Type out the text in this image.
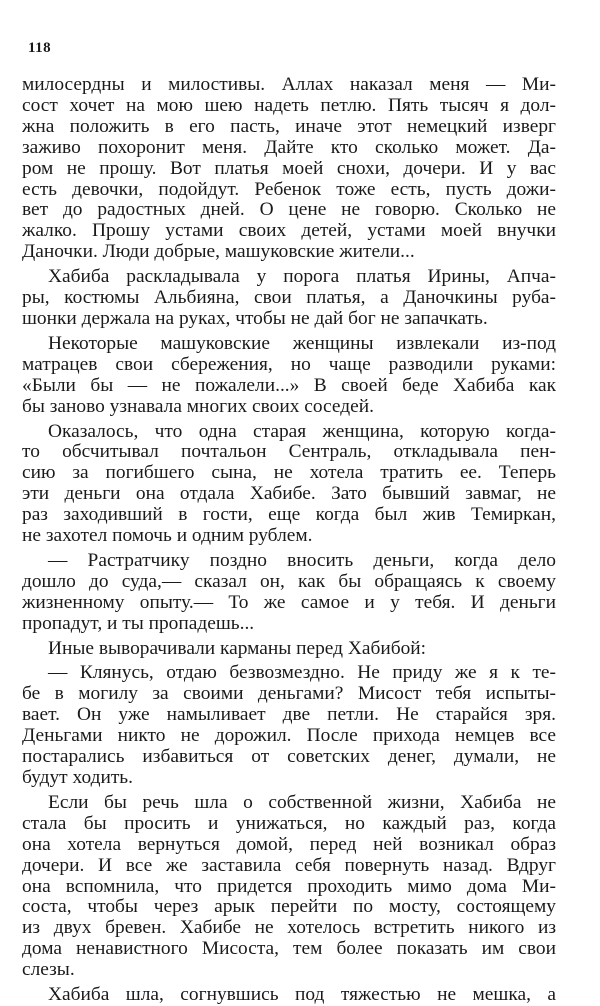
118
милосердны и милостивы. Аллах наказал меня — Ми-
сост хочет на мою шею надеть петлю. Пять тысяч я дол-
жна положить в его пасть, иначе этот немецкий изверг
заживо похоронит меня. Дайте кто сколько может. Да-
ром не прошу. Вот платья моей снохи, дочери. И у вас
есть девочки, подойдут. Ребенок тоже есть, пусть дожи-
вет до радостных дней. О цене не говорю. Сколько не
жалко. Прошу устами своих детей, устами моей внучки
Даночки. Люди добрые, машуковские жители...
Хабиба раскладывала у порога платья Ирины, Апча-
ры, костюмы Альбияна, свои платья, а Даночкины руба-
шонки держала на руках, чтобы не дай бог не запачкать.
Некоторые машуковские женщины извлекали из-под
матрацев свои сбережения, но чаще разводили руками:
«Были бы — не пожалели...» В своей беде Хабиба как
бы заново узнавала многих своих соседей.
Оказалось, что одна старая женщина, которую когда-
то обсчитывал почтальон Сентраль, откладывала пен-
сию за погибшего сына, не хотела тратить ее. Теперь
эти деньги она отдала Хабибе. Зато бывший завмаг, не
раз заходивший в гости, еще когда был жив Темиркан,
не захотел помочь и одним рублем.
— Растратчику поздно вносить деньги, когда дело
дошло до суда,— сказал он, как бы обращаясь к своему
жизненному опыту.— То же самое и у тебя. И деньги
пропадут, и ты пропадешь...
Иные выворачивали карманы перед Хабибой:
— Клянусь, отдаю безвозмездно. Не приду же я к те-
бе в могилу за своими деньгами? Мисост тебя испыты-
вает. Он уже намыливает две петли. Не старайся зря.
Деньгами никто не дорожил. После прихода немцев все
постарались избавиться от советских денег, думали, не
будут ходить.
Если бы речь шла о собственной жизни, Хабиба не
стала бы просить и унижаться, но каждый раз, когда
она хотела вернуться домой, перед ней возникал образ
дочери. И все же заставила себя повернуть назад. Вдруг
она вспомнила, что придется проходить мимо дома Ми-
соста, чтобы через арык перейти по мосту, состоящему
из двух бревен. Хабибе не хотелось встретить никого из
дома ненавистного Мисоста, тем более показать им свои
слезы.
Хабиба шла, согнувшись под тяжестью не мешка, а
